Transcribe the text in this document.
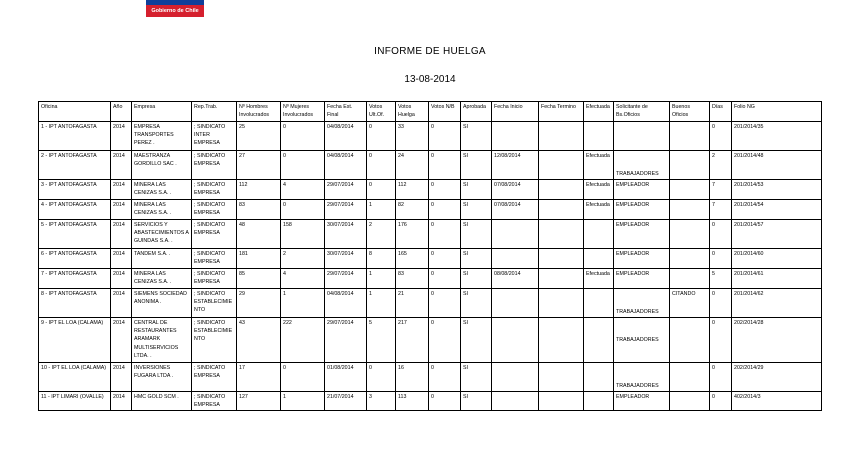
Gobierno de Chile
INFORME DE HUELGA
13-08-2014
Oficina	Año	Empresa	Rep.Trab.	Nº Hombres Involucrados	Nº Mujeres Involucrados	Fecha Est. Final	Votos Ult.Of.	Votos Huelga	Votos N/B	Aprobada	Fecha Inicio	Fecha Termino	Efectuada	Solicitante de Bs.Oficios	Buenos Oficios	Días	Folio NG
1 - IPT ANTOFAGASTA	2014	EMPRESA TRANSPORTES PEREZ .	; SINDICATO INTER EMPRESA	25	0	04/08/2014	0	33	0	SI						0	201/2014/35
2 - IPT ANTOFAGASTA	2014	MAESTRANZA GORDILLO SAC .	; SINDICATO EMPRESA	27	0	04/08/2014	0	24	0	SI	12/08/2014		Efectuada	TRABAJADORES		2	201/2014/48
3 - IPT ANTOFAGASTA	2014	MINERA LAS CENIZAS S.A. .	; SINDICATO EMPRESA	112	4	29/07/2014	0	112	0	SI	07/08/2014		Efectuada	EMPLEADOR		7	201/2014/53
4 - IPT ANTOFAGASTA	2014	MINERA LAS CENIZAS S.A. .	; SINDICATO EMPRESA	83	0	29/07/2014	1	82	0	SI	07/08/2014		Efectuada	EMPLEADOR		7	201/2014/54
5 - IPT ANTOFAGASTA	2014	SERVICIOS Y ABASTECIMIENTOS A GUINDAS S.A. .	; SINDICATO EMPRESA	48	158	30/07/2014	2	176	0	SI				EMPLEADOR		0	201/2014/57
6 - IPT ANTOFAGASTA	2014	TANDEM S.A. .	; SINDICATO EMPRESA	181	2	30/07/2014	8	165	0	SI				EMPLEADOR		0	201/2014/60
7 - IPT ANTOFAGASTA	2014	MINERA LAS CENIZAS S.A. .	; SINDICATO EMPRESA	85	4	29/07/2014	1	83	0	SI	08/08/2014		Efectuada	EMPLEADOR		5	201/2014/61
8 - IPT ANTOFAGASTA	2014	SIEMENS SOCIEDAD ANONIMA .	; SINDICATO ESTABLECIMIENTO	29	1	04/08/2014	1	21	0	SI				TRABAJADORES	CITANDO	0	201/2014/62
9 - IPT EL LOA (CALAMA)	2014	CENTRAL DE RESTAURANTES ARAMARK MULTISERVICIOS LTDA. .	; SINDICATO ESTABLECIMIENTO	43	222	29/07/2014	5	217	0	SI				TRABAJADORES		0	202/2014/28
10 - IPT EL LOA (CALAMA)	2014	INVERSIONES FUGARA LTDA .	; SINDICATO EMPRESA	17	0	01/08/2014	0	16	0	SI				TRABAJADORES		0	202/2014/29
11 - IPT LIMARI (OVALLE)	2014	HMC GOLD SCM .	; SINDICATO EMPRESA	127	1	21/07/2014	3	113	0	SI				EMPLEADOR		0	402/2014/3
